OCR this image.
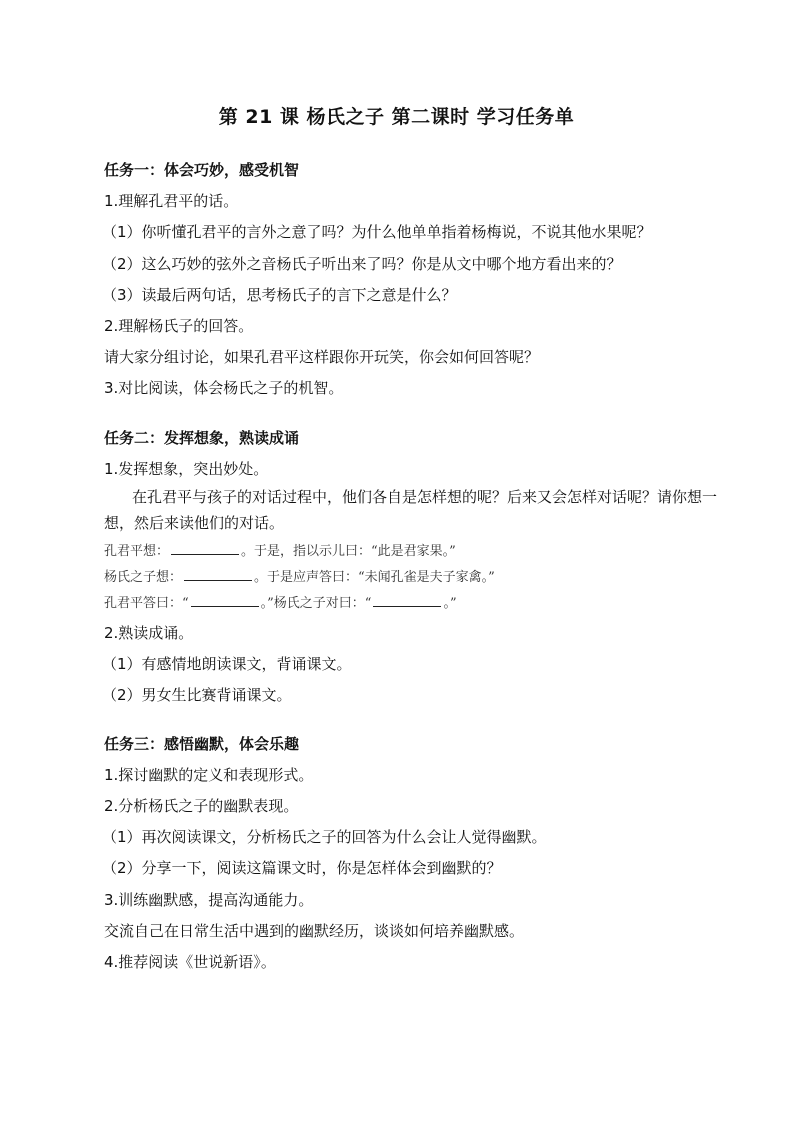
第 21 课 杨氏之子 第二课时 学习任务单
任务一：体会巧妙，感受机智
1.理解孔君平的话。
（1）你听懂孔君平的言外之意了吗？为什么他单单指着杨梅说，不说其他水果呢？
（2）这么巧妙的弦外之音杨氏子听出来了吗？你是从文中哪个地方看出来的？
（3）读最后两句话，思考杨氏子的言下之意是什么？
2.理解杨氏子的回答。
请大家分组讨论，如果孔君平这样跟你开玩笑，你会如何回答呢？
3.对比阅读，体会杨氏之子的机智。
任务二：发挥想象，熟读成诵
1.发挥想象，突出妙处。
在孔君平与孩子的对话过程中，他们各自是怎样想的呢？后来又会怎样对话呢？请你想一
想，然后来读他们的对话。
孔君平想：	。于是，指以示儿曰：“此是君家果。”
杨氏之子想：	。于是应声答曰：“未闻孔雀是夫子家禽。”
孔君平答曰：“	。”杨氏之子对曰：“	。”
2.熟读成诵。
（1）有感情地朗读课文，背诵课文。
（2）男女生比赛背诵课文。
任务三：感悟幽默，体会乐趣
1.探讨幽默的定义和表现形式。
2.分析杨氏之子的幽默表现。
（1）再次阅读课文，分析杨氏之子的回答为什么会让人觉得幽默。
（2）分享一下，阅读这篇课文时，你是怎样体会到幽默的？
3.训练幽默感，提高沟通能力。
交流自己在日常生活中遇到的幽默经历，谈谈如何培养幽默感。
4.推荐阅读《世说新语》。
